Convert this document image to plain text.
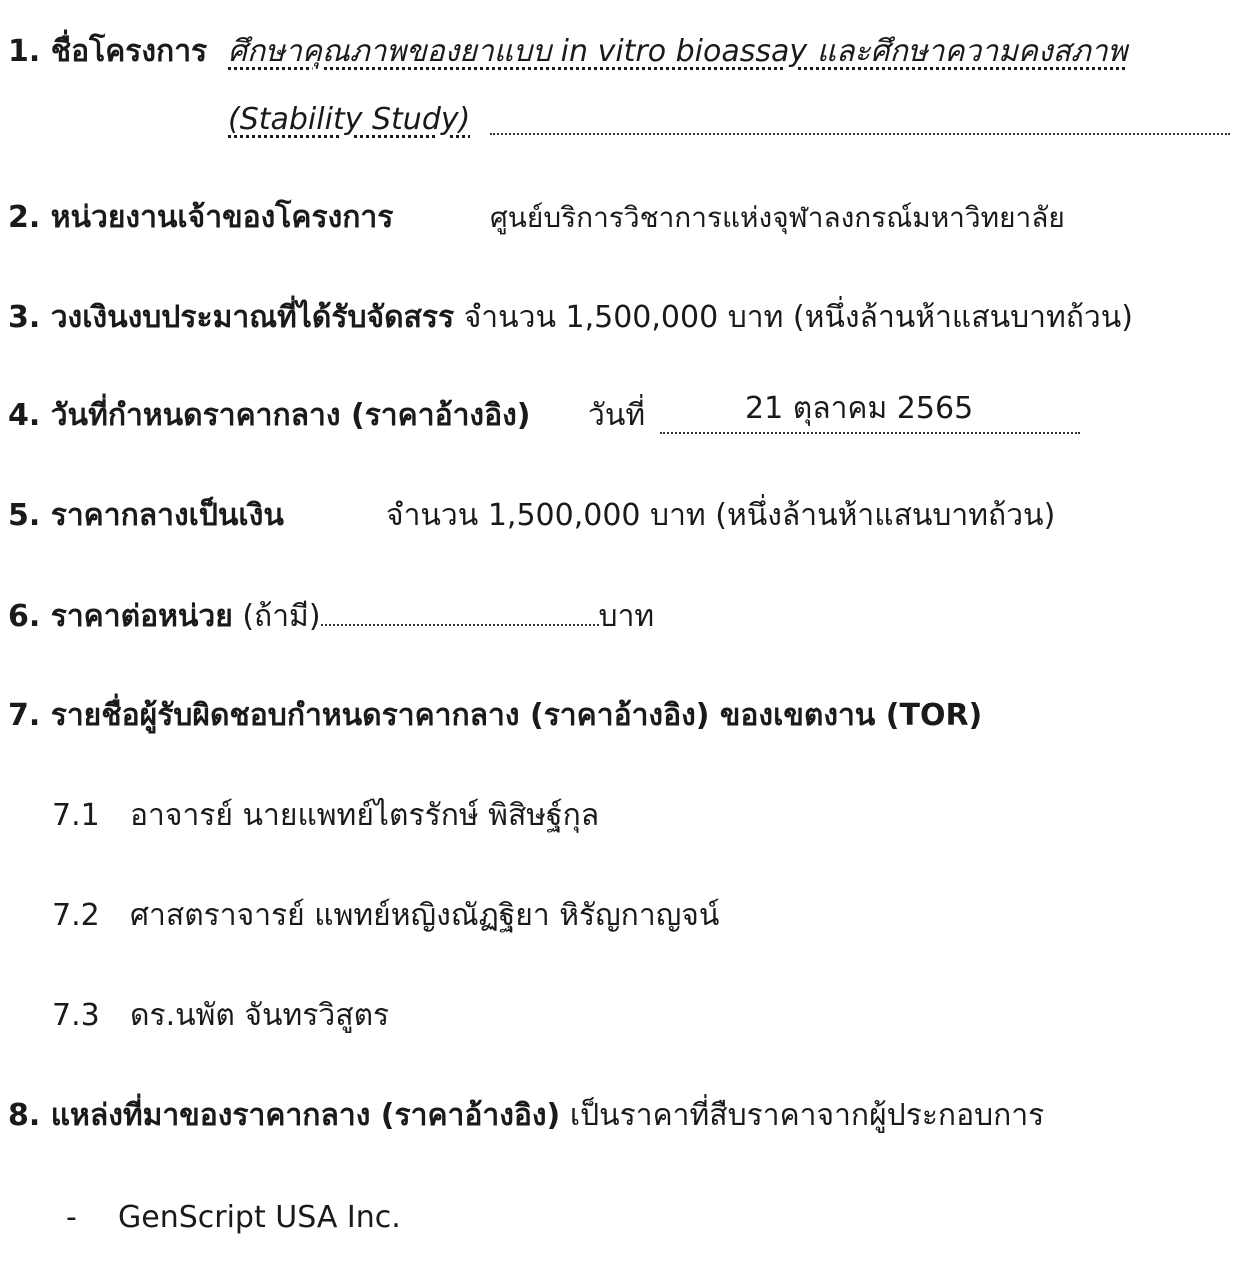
1. ชื่อโครงการ ศึกษาคุณภาพของยาแบบ in vitro bioassay และศึกษาความคงสภาพ
(Stability Study)
2. หน่วยงานเจ้าของโครงการ	ศูนย์บริการวิชาการแห่งจุฬาลงกรณ์มหาวิทยาลัย
3. วงเงินงบประมาณที่ได้รับจัดสรร จำนวน 1,500,000 บาท (หนึ่งล้านห้าแสนบาทถ้วน)
4. วันที่กำหนดราคากลาง (ราคาอ้างอิง) วันที่	21 ตุลาคม 2565
5. ราคากลางเป็นเงิน	จำนวน 1,500,000 บาท (หนึ่งล้านห้าแสนบาทถ้วน)
6. ราคาต่อหน่วย (ถ้ามี)	บาท
7. รายชื่อผู้รับผิดชอบกำหนดราคากลาง (ราคาอ้างอิง) ของเขตงาน (TOR)
7.1 อาจารย์ นายแพทย์ไตรรักษ์ พิสิษฐ์กุล
7.2 ศาสตราจารย์ แพทย์หญิงณัฏฐิยา หิรัญกาญจน์
7.3 ดร.นพัต จันทรวิสูตร
8. แหล่งที่มาของราคากลาง (ราคาอ้างอิง) เป็นราคาที่สืบราคาจากผู้ประกอบการ
- GenScript USA Inc.
